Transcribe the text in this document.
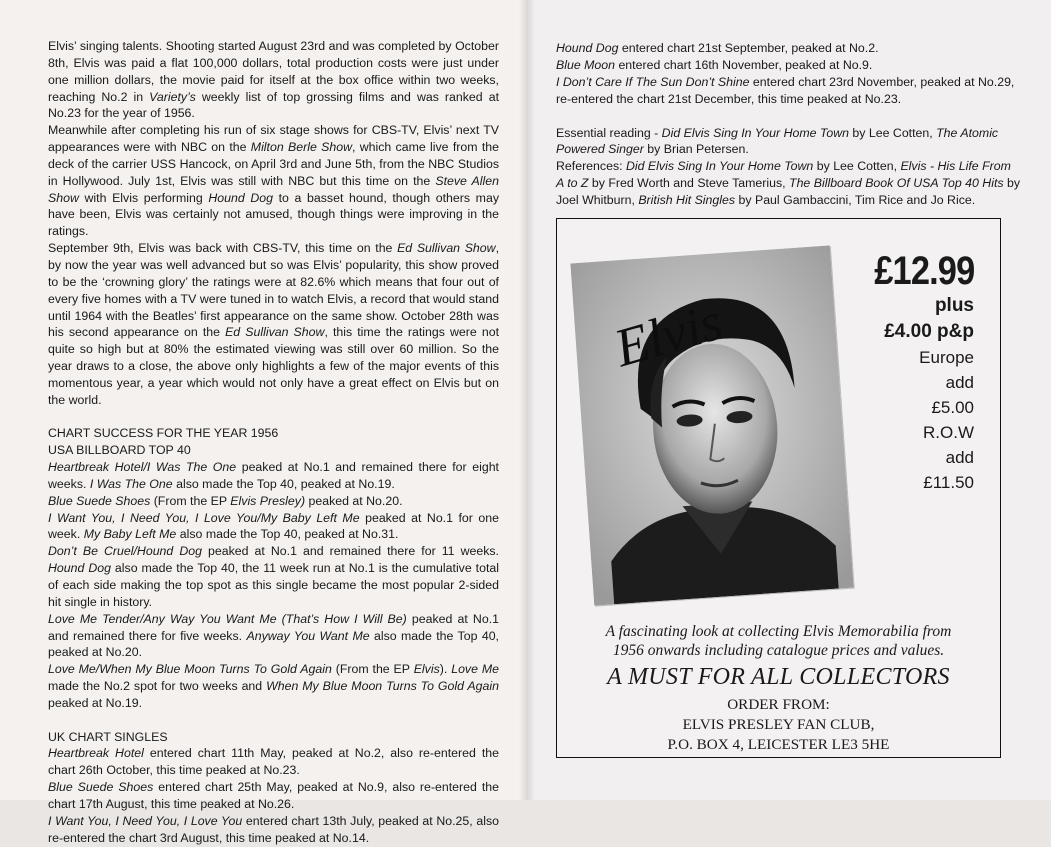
Elvis’ singing talents. Shooting started August 23rd and was completed by October 8th, Elvis was paid a flat 100,000 dollars, total production costs were just under one million dollars, the movie paid for itself at the box office within two weeks, reaching No.2 in Variety’s weekly list of top grossing films and was ranked at No.23 for the year of 1956.

Meanwhile after completing his run of six stage shows for CBS-TV, Elvis’ next TV appearances were with NBC on the Milton Berle Show, which came live from the deck of the carrier USS Hancock, on April 3rd and June 5th, from the NBC Studios in Hollywood. July 1st, Elvis was still with NBC but this time on the Steve Allen Show with Elvis performing Hound Dog to a basset hound, though others may have been, Elvis was certainly not amused, though things were improving in the ratings.

September 9th, Elvis was back with CBS-TV, this time on the Ed Sullivan Show, by now the year was well advanced but so was Elvis’ popularity, this show proved to be the ‘crowning glory’ the ratings were at 82.6% which means that four out of every five homes with a TV were tuned in to watch Elvis, a record that would stand until 1964 with the Beatles’ first appearance on the same show. October 28th was his second appearance on the Ed Sullivan Show, this time the ratings were not quite so high but at 80% the estimated viewing was still over 60 million. So the year draws to a close, the above only highlights a few of the major events of this momentous year, a year which would not only have a great effect on Elvis but on the world.

CHART SUCCESS FOR THE YEAR 1956

USA BILLBOARD TOP 40

Heartbreak Hotel/I Was The One peaked at No.1 and remained there for eight weeks. I Was The One also made the Top 40, peaked at No.19.

Blue Suede Shoes (From the EP Elvis Presley) peaked at No.20.

I Want You, I Need You, I Love You/My Baby Left Me peaked at No.1 for one week. My Baby Left Me also made the Top 40, peaked at No.31.

Don’t Be Cruel/Hound Dog peaked at No.1 and remained there for 11 weeks. Hound Dog also made the Top 40, the 11 week run at No.1 is the cumulative total of each side making the top spot as this single became the most popular 2-sided hit single in history.

Love Me Tender/Any Way You Want Me (That’s How I Will Be) peaked at No.1 and remained there for five weeks. Anyway You Want Me also made the Top 40, peaked at No.20.

Love Me/When My Blue Moon Turns To Gold Again (From the EP Elvis). Love Me made the No.2 spot for two weeks and When My Blue Moon Turns To Gold Again peaked at No.19.

UK CHART SINGLES

Heartbreak Hotel entered chart 11th May, peaked at No.2, also re-entered the chart 26th October, this time peaked at No.23.

Blue Suede Shoes entered chart 25th May, peaked at No.9, also re-entered the chart 17th August, this time peaked at No.26.

I Want You, I Need You, I Love You entered chart 13th July, peaked at No.25, also re-entered the chart 3rd August, this time peaked at No.14.

Hound Dog entered chart 21st September, peaked at No.2.

Blue Moon entered chart 16th November, peaked at No.9.

I Don’t Care If The Sun Don’t Shine entered chart 23rd November, peaked at No.29, re-entered the chart 21st December, this time peaked at No.23.

Essential reading - Did Elvis Sing In Your Home Town by Lee Cotten, The Atomic Powered Singer by Brian Petersen.

References: Did Elvis Sing In Your Home Town by Lee Cotten, Elvis - His Life From A to Z by Fred Worth and Steve Tamerius, The Billboard Book Of USA Top 40 Hits by Joel Whitburn, British Hit Singles by Paul Gambaccini, Tim Rice and Jo Rice.

Elvis
£12.99
plus
£4.00 p&p
Europe
add
£5.00
R.O.W
add
£11.50
A fascinating look at collecting Elvis Memorabilia from
1956 onwards including catalogue prices and values.
A MUST FOR ALL COLLECTORS
ORDER FROM:
ELVIS PRESLEY FAN CLUB,
P.O. BOX 4, LEICESTER LE3 5HE
